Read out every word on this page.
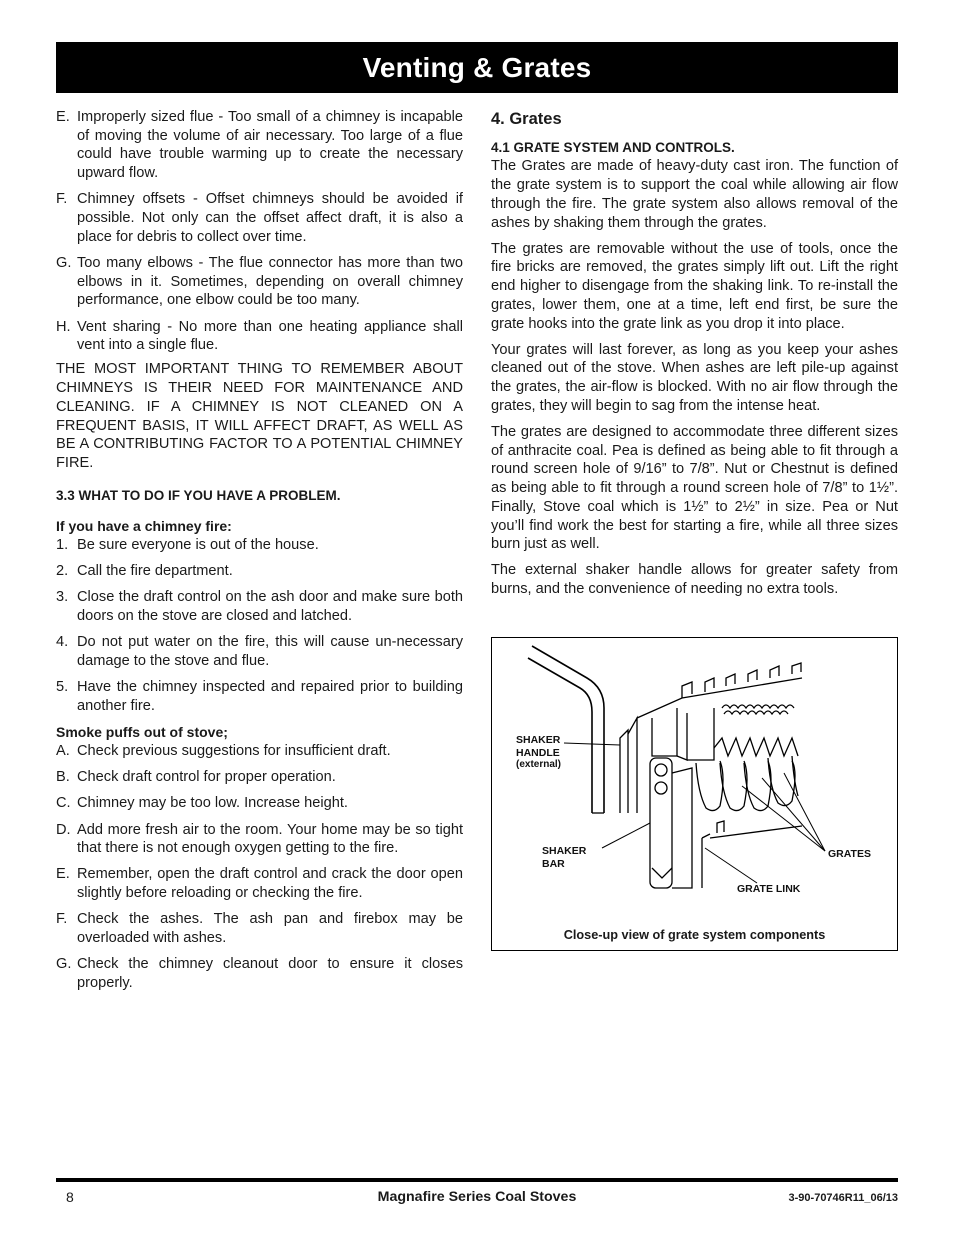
Venting & Grates
E. Improperly sized flue - Too small of a chimney is incapable of moving the volume of air necessary. Too large of a flue could have trouble warming up to create the necessary upward flow.
F. Chimney offsets - Offset chimneys should be avoided if possible. Not only can the offset affect draft, it is also a place for debris to collect over time.
G. Too many elbows - The flue connector has more than two elbows in it. Sometimes, depending on overall chimney performance, one elbow could be too many.
H. Vent sharing - No more than one heating appliance shall vent into a single flue.

THE MOST IMPORTANT THING TO REMEMBER ABOUT CHIMNEYS IS THEIR NEED FOR MAINTENANCE AND CLEANING. IF A CHIMNEY IS NOT CLEANED ON A FREQUENT BASIS, IT WILL AFFECT DRAFT, AS WELL AS BE A CONTRIBUTING FACTOR TO A POTENTIAL CHIMNEY FIRE.

3.3 WHAT TO DO IF YOU HAVE A PROBLEM.

If you have a chimney fire:

1. Be sure everyone is out of the house.
2. Call the fire department.
3. Close the draft control on the ash door and make sure both doors on the stove are closed and latched.
4. Do not put water on the fire, this will cause un-necessary damage to the stove and flue.
5. Have the chimney inspected and repaired prior to building another fire.

Smoke puffs out of stove;

A. Check previous suggestions for insufficient draft.
B. Check draft control for proper operation.
C. Chimney may be too low. Increase height.
D. Add more fresh air to the room. Your home may be so tight that there is not enough oxygen getting to the fire.
E. Remember, open the draft control and crack the door open slightly before reloading or checking the fire.
F. Check the ashes. The ash pan and firebox may be overloaded with ashes.
G. Check the chimney cleanout door to ensure it closes properly.

4. Grates

4.1 GRATE SYSTEM AND CONTROLS.

The Grates are made of heavy-duty cast iron. The function of the grate system is to support the coal while allowing air flow through the fire. The grate system also allows removal of the ashes by shaking them through the grates.

The grates are removable without the use of tools, once the fire bricks are removed, the grates simply lift out. Lift the right end higher to disengage from the shaking link. To re-install the grates, lower them, one at a time, left end first, be sure the grate hooks into the grate link as you drop it into place.

Your grates will last forever, as long as you keep your ashes cleaned out of the stove. When ashes are left pile-up against the grates, the air-flow is blocked. With no air flow through the grates, they will begin to sag from the intense heat.

The grates are designed to accommodate three different sizes of anthracite coal. Pea is defined as being able to fit through a round screen hole of 9/16” to 7/8”. Nut or Chestnut is defined as being able to fit through a round screen hole of 7/8” to 1½”. Finally, Stove coal which is 1½” to 2½” in size. Pea or Nut you’ll find work the best for starting a fire, while all three sizes burn just as well.

The external shaker handle allows for greater safety from burns, and the convenience of needing no extra tools.

SHAKER
HANDLE
(external)
SHAKER
BAR
GRATES
GRATE LINK
Close-up view of grate system components
8	Magnafire Series Coal Stoves	3-90-70746R11_06/13
